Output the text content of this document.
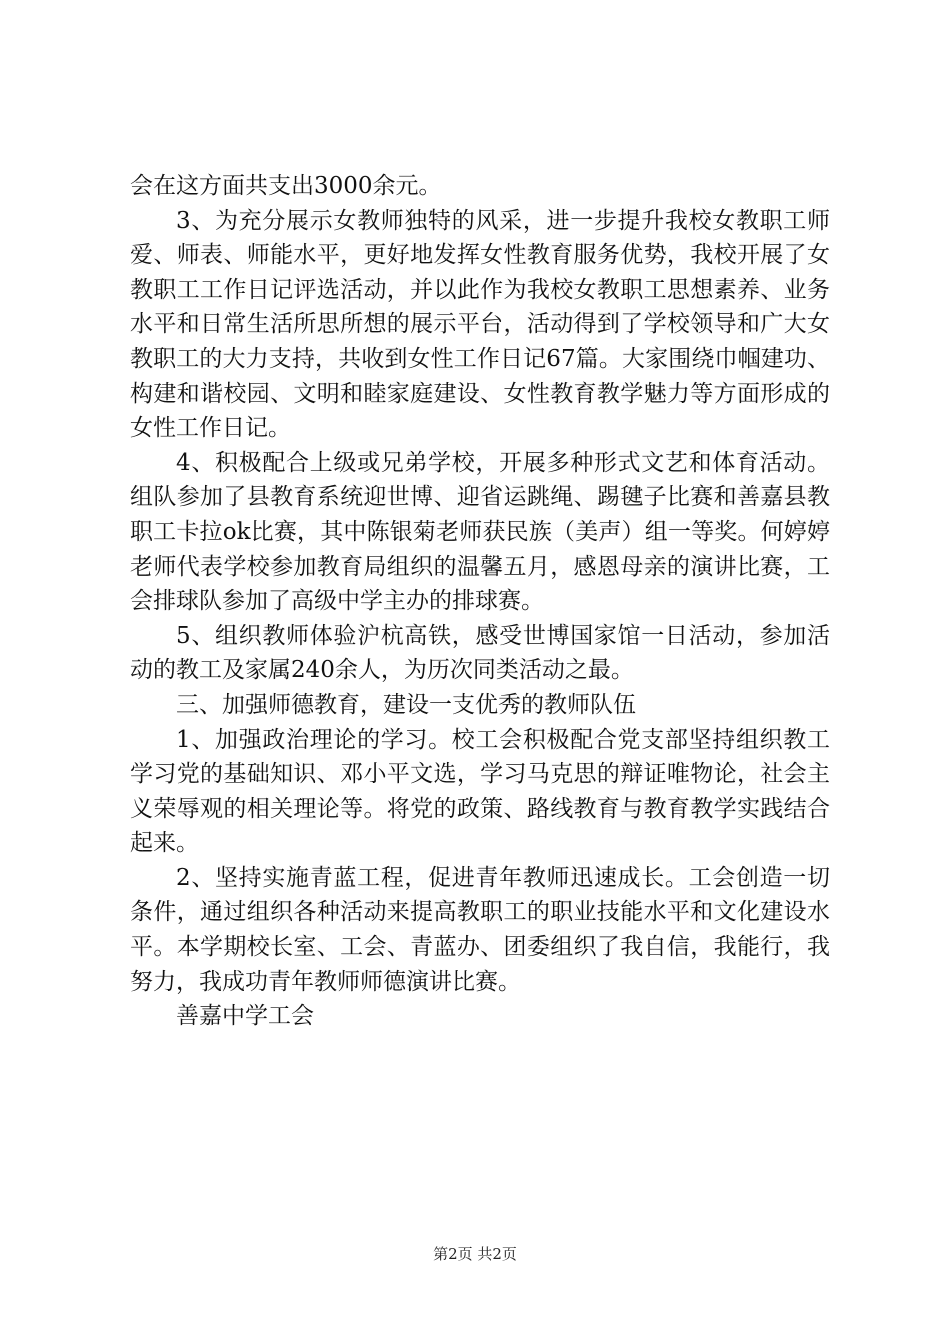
会在这方面共支出3000余元。

3、为充分展示女教师独特的风采，进一步提升我校女教职工师爱、师表、师能水平，更好地发挥女性教育服务优势，我校开展了女教职工工作日记评选活动，并以此作为我校女教职工思想素养、业务水平和日常生活所思所想的展示平台，活动得到了学校领导和广大女教职工的大力支持，共收到女性工作日记67篇。大家围绕巾帼建功、构建和谐校园、文明和睦家庭建设、女性教育教学魅力等方面形成的女性工作日记。

4、积极配合上级或兄弟学校，开展多种形式文艺和体育活动。组队参加了县教育系统迎世博、迎省运跳绳、踢毽子比赛和善嘉县教职工卡拉ok比赛，其中陈银菊老师获民族（美声）组一等奖。何婷婷老师代表学校参加教育局组织的温馨五月，感恩母亲的演讲比赛，工会排球队参加了高级中学主办的排球赛。

5、组织教师体验沪杭高铁，感受世博国家馆一日活动，参加活动的教工及家属240余人，为历次同类活动之最。

三、加强师德教育，建设一支优秀的教师队伍

1、加强政治理论的学习。校工会积极配合党支部坚持组织教工学习党的基础知识、邓小平文选，学习马克思的辩证唯物论，社会主义荣辱观的相关理论等。将党的政策、路线教育与教育教学实践结合起来。

2、坚持实施青蓝工程，促进青年教师迅速成长。工会创造一切条件，通过组织各种活动来提高教职工的职业技能水平和文化建设水平。本学期校长室、工会、青蓝办、团委组织了我自信，我能行，我努力，我成功青年教师师德演讲比赛。

善嘉中学工会

第2页 共2页
